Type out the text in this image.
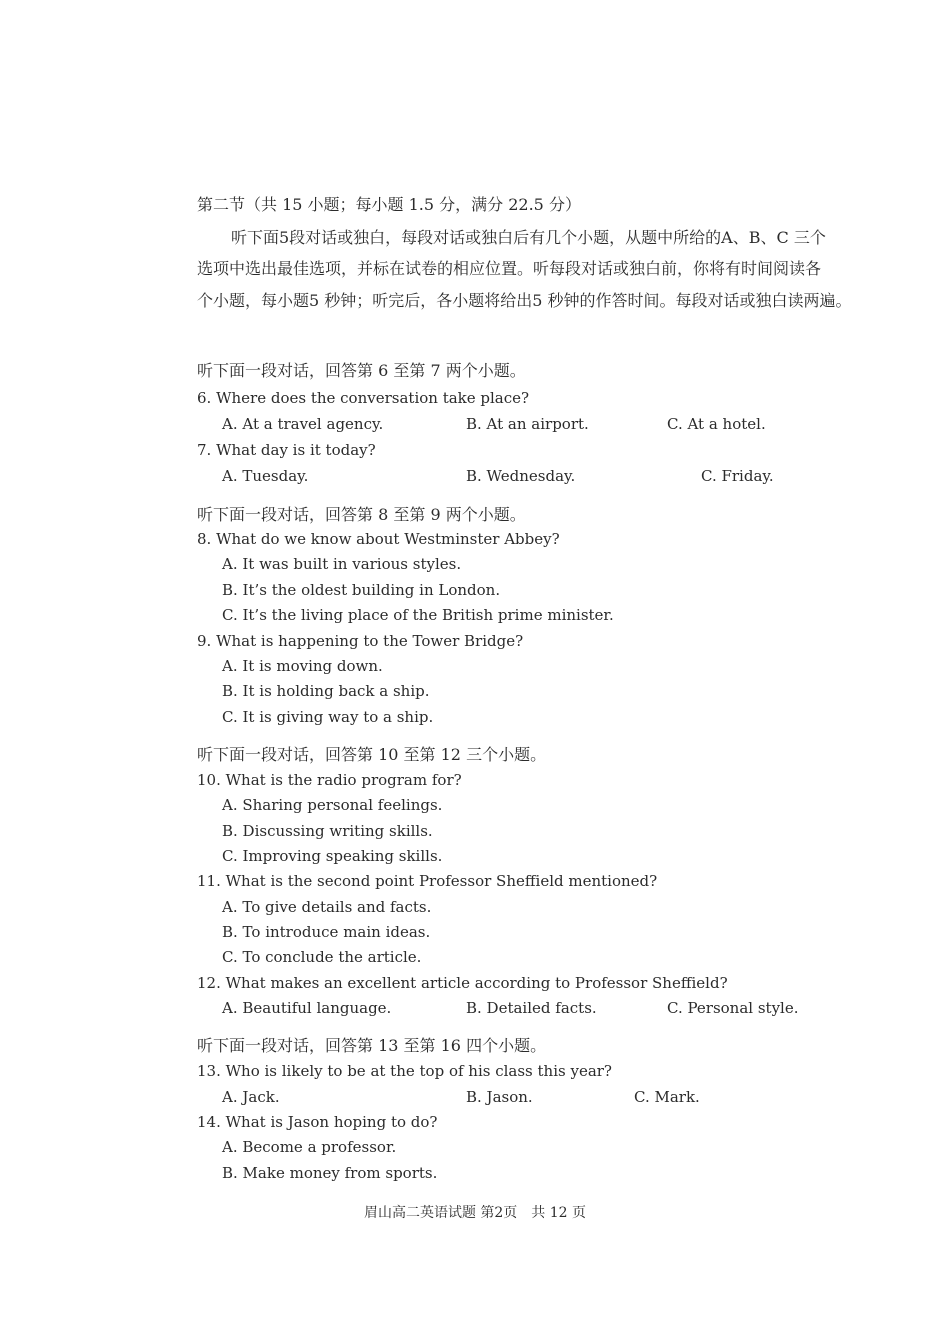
第二节（共 15 小题；每小题 1.5 分，满分 22.5 分）
听下面5段对话或独白，每段对话或独白后有几个小题，从题中所给的A、B、C 三个
选项中选出最佳选项，并标在试卷的相应位置。听每段对话或独白前，你将有时间阅读各
个小题，每小题5 秒钟；听完后，各小题将给出5 秒钟的作答时间。每段对话或独白读两遍。
听下面一段对话，回答第 6 至第 7 两个小题。
6. Where does the conversation take place?
A. At a travel agency.	B. At an airport.	C. At a hotel.
7. What day is it today?
A. Tuesday.	B. Wednesday.	C. Friday.
听下面一段对话，回答第 8 至第 9 两个小题。
8. What do we know about Westminster Abbey?
A. It was built in various styles.
B. It’s the oldest building in London.
C. It’s the living place of the British prime minister.
9. What is happening to the Tower Bridge?
A. It is moving down.
B. It is holding back a ship.
C. It is giving way to a ship.
听下面一段对话，回答第 10 至第 12 三个小题。
10. What is the radio program for?
A. Sharing personal feelings.
B. Discussing writing skills.
C. Improving speaking skills.
11. What is the second point Professor Sheffield mentioned?
A. To give details and facts.
B. To introduce main ideas.
C. To conclude the article.
12. What makes an excellent article according to Professor Sheffield?
A. Beautiful language.	B. Detailed facts.	C. Personal style.
听下面一段对话，回答第 13 至第 16 四个小题。
13. Who is likely to be at the top of his class this year?
A. Jack.	B. Jason.	C. Mark.
14. What is Jason hoping to do?
A. Become a professor.
B. Make money from sports.
眉山高二英语试题 第2页　共 12 页
